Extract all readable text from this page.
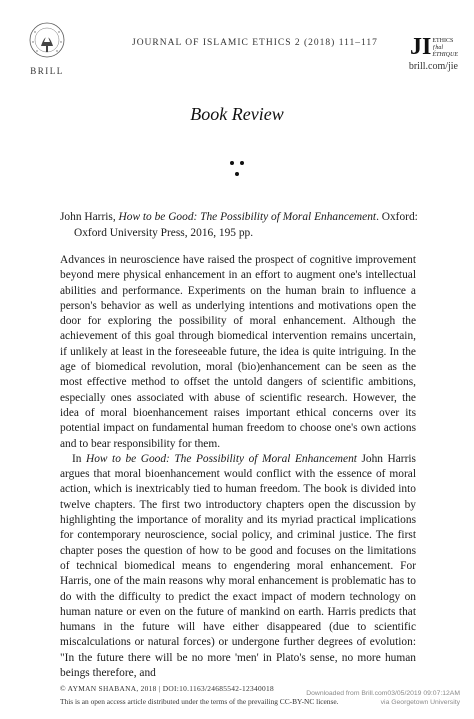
BRILL
JOURNAL OF ISLAMIC ETHICS 2 (2018) 111–117 JI ETHICS
ƒhal
ÉTHIQUE
brill.com/jie
Book Review
John Harris, How to be Good: The Possibility of Moral Enhancement. Oxford: Oxford University Press, 2016, 195 pp.

Advances in neuroscience have raised the prospect of cognitive improvement beyond mere physical enhancement in an effort to augment one's intellectual abilities and performance. Experiments on the human brain to influence a person's behavior as well as underlying intentions and motivations open the door for exploring the possibility of moral enhancement. Although the achievement of this goal through biomedical intervention remains uncertain, if unlikely at least in the foreseeable future, the idea is quite intriguing. In the age of biomedical revolution, moral (bio)enhancement can be seen as the most effective method to offset the untold dangers of scientific ambitions, especially ones associated with abuse of scientific research. However, the idea of moral bioenhancement raises important ethical concerns over its potential impact on fundamental human freedom to choose one's own actions and to bear responsibility for them.

In How to be Good: The Possibility of Moral Enhancement John Harris argues that moral bioenhancement would conflict with the essence of moral action, which is inextricably tied to human freedom. The book is divided into twelve chapters. The first two introductory chapters open the discussion by highlighting the importance of morality and its myriad practical implications for contemporary neuroscience, social policy, and criminal justice. The first chapter poses the question of how to be good and focuses on the limitations of technical biomedical means to engendering moral enhancement. For Harris, one of the main reasons why moral enhancement is problematic has to do with the difficulty to predict the exact impact of modern technology on human nature or even on the future of mankind on earth. Harris predicts that humans in the future will have either disappeared (due to scientific miscalculations or natural forces) or undergone further degrees of evolution: "In the future there will be no more 'men' in Plato's sense, no more human beings therefore, and

© AYMAN SHABANA, 2018 | DOI:10.1163/24685542-12340018
This is an open access article distributed under the terms of the prevailing CC-BY-NC license.
Downloaded from Brill.com03/05/2019 09:07:12AM
via Georgetown University
